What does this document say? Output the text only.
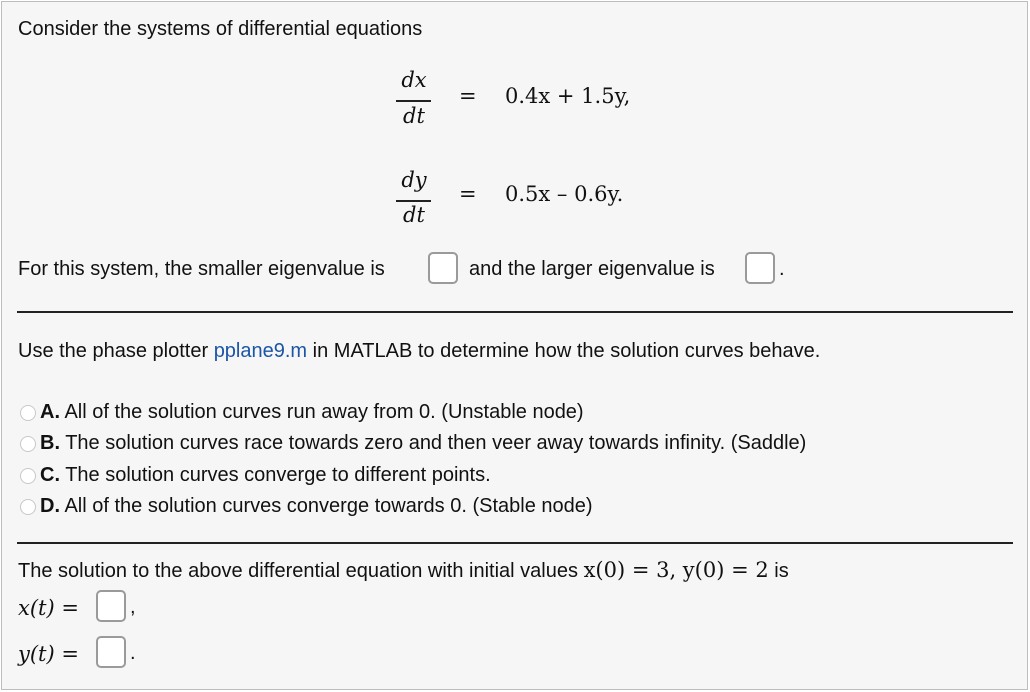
Consider the systems of differential equations
dx
dt
= 0.4x + 1.5y,
dy
dt
= 0.5x – 0.6y.
For this system, the smaller eigenvalue is	and the larger eigenvalue is	.
Use the phase plotter pplane9.m in MATLAB to determine how the solution curves behave.
A. All of the solution curves run away from 0. (Unstable node)
B. The solution curves race towards zero and then veer away towards infinity. (Saddle)
C. The solution curves converge to different points.
D. All of the solution curves converge towards 0. (Stable node)
The solution to the above differential equation with initial values x(0) = 3, y(0) = 2 is
x(t) =	,
y(t) =	.
